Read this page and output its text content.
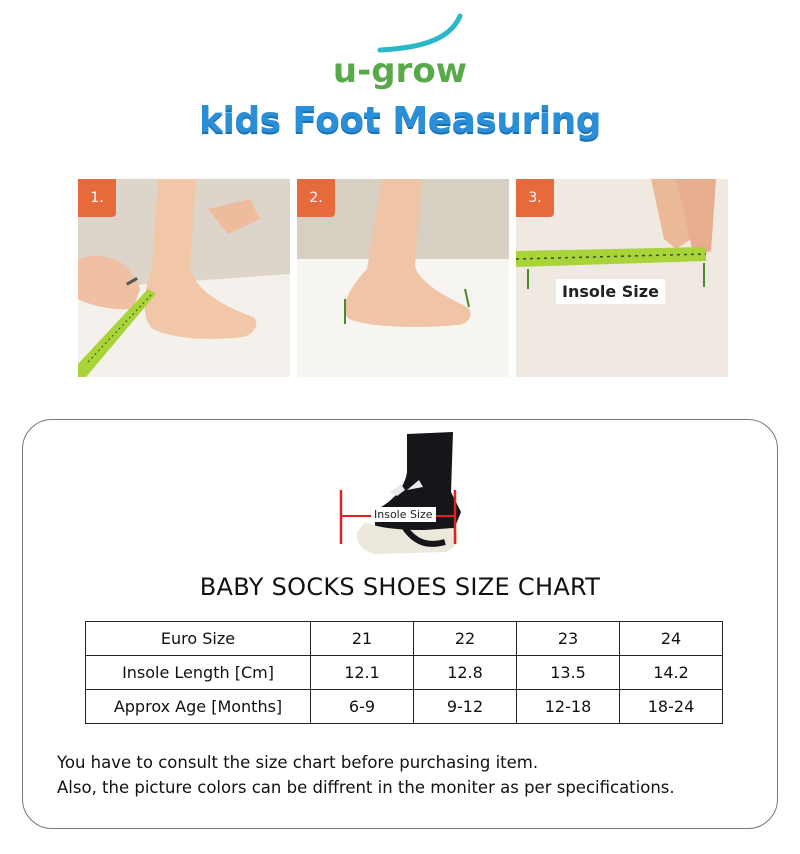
u-grow
kids Foot Measuring
1.	2.	3.
Insole Size
Insole Size
BABY SOCKS SHOES SIZE CHART
Euro Size	21	22	23	24
Insole Length [Cm]	12.1	12.8	13.5	14.2
Approx Age [Months]	6-9	9-12	12-18	18-24
You have to consult the size chart before purchasing item.
Also, the picture colors can be diffrent in the moniter as per specifications.
